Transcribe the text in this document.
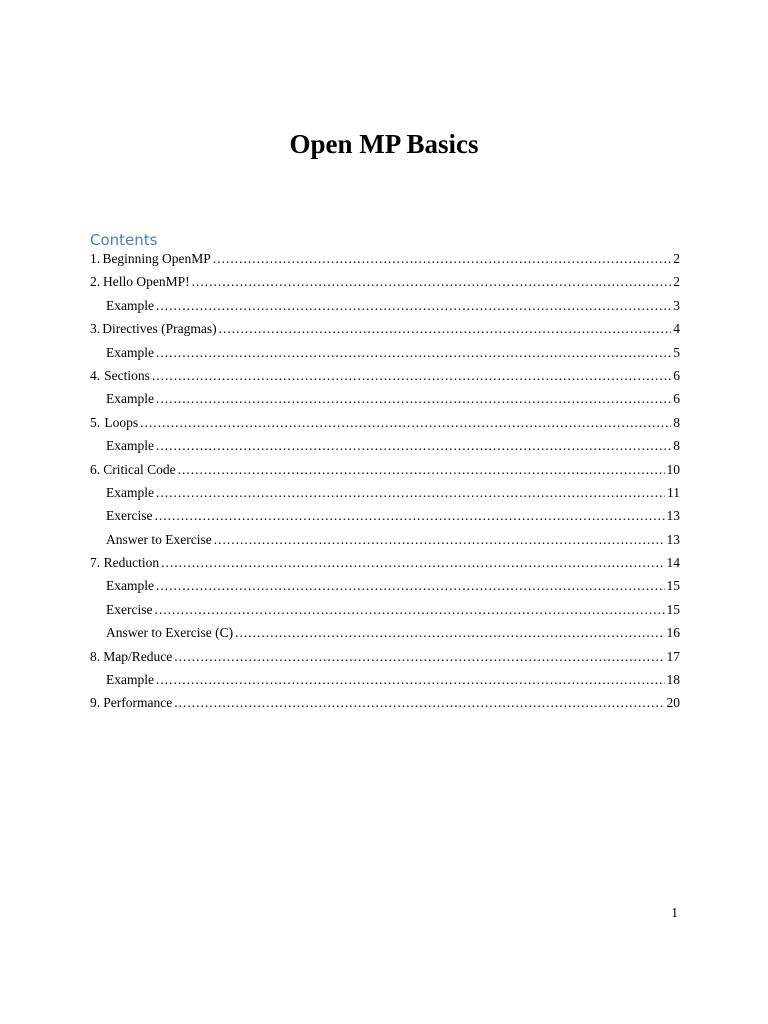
Open MP Basics
Contents
1. Beginning OpenMP .....	2
2. Hello OpenMP! .....	2
Example .....	3
3. Directives (Pragmas) .....	4
Example .....	5
4. Sections .....	6
Example .....	6
5. Loops .....	8
Example .....	8
6. Critical Code .....	10
Example .....	11
Exercise .....	13
Answer to Exercise .....	13
7. Reduction .....	14
Example .....	15
Exercise .....	15
Answer to Exercise (C) .....	16
8. Map/Reduce .....	17
Example .....	18
9. Performance .....	20
1
